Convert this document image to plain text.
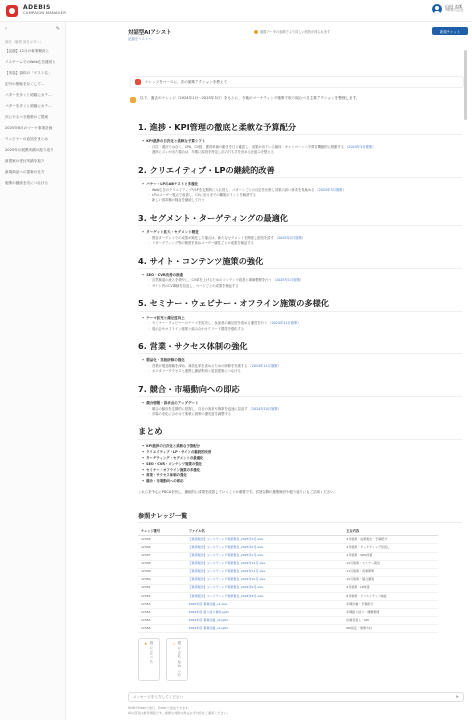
ADEBIS
CAMPAIGN MANAGER
山田 太郎
YBI株式会社
‹	✎
最近（履歴 最近ボタン）
【記録】12月の事業概況と
イスチームでのWeb広告運用と
【実装】資料の「ゲスト名」
記号の無駄をなくして…
パターを多くと明確にカテ…
パターを多くと明確にカテ…
次にやるべき施策のご提案
2025年6月のマーケ事業計画
ウェビナーの追加をまとめ
2025年の展開実績の振り返り
新提案の受付実績を振り
新規商品への提案の仕方
施策の継続を次につなげる
対話型AIアシスト
記録をリストへ
複数データの参照でより詳しい回答が得られます	新規チャット
ナレッジをベースに、次の施策アクションを教えて
以下、過去のナレッジ（2024年1月〜2025年3月）をもとに、今後のマーケティング施策で取り組むべき主要アクションを整理します。
1. 進捗・KPI管理の徹底と柔軟な予算配分
• KPI進捗の日次化と柔軟な予算シフト
◦ 月次・週次ではなく、CPA、CV数、獲得単価の動きを日々確認し、成果が出ている媒体・キャンペーンへ予算を機動的に移動する （2025年3月施策）
◦ 進捗にズレが出た場合は、早期に原因を特定し次の打ち手を決める仕組みを整える
2. クリエイティブ・LPの継続的改善
• バナー・LPのABテストと多様化
◦ Web広告のクリエイティブやLPを定期的に入れ替え、パターンごとの反応を比較し効果の高い訴求を見極める （2025年3月施策）
◦ LPはユーザー視点で改善し、CVに至るまでの離脱ポイントを解消する
◦ 新しい訴求軸の検証を継続して行う
3. セグメント・ターゲティングの最適化
• ターゲット拡大・セグメント精査
◦ 既存ターゲットでの成果が鈍化した場合は、新たなセグメントを開拓し配信を試す （2025年2月施策）
◦ リターゲティング等の精度を高めユーザー属性ごとの成果を検証する
4. サイト・コンテンツ施策の強化
• SEO・CVR改善の推進
◦ 自然検索の流入を増やし、CV率を上げるためのコンテンツ改善と導線整理を行う （2025年1月施策）
◦ サイト内のCV導線を見直し、ページごとの成果を検証する
5. セミナー・ウェビナー・オフライン施策の多様化
• テーマ拡充と満足度向上
◦ セミナー・ウェビナーのテーマを拡充し、参加者の満足度を高める運営を行う （2024年12月施策）
◦ 展示会やオフライン施策と組み合わせてリード獲得を強化する
6. 営業・サクセス体制の強化
• 製品化・実装研修の強化
◦ 営業が製品理解を深め、商談化率を高めるための研修を実施する （2024年11月施策）
◦ カスタマーサクセスと連携し継続利用と追加提案につなげる
7. 競合・市場動向への即応
• 競合情報・訴求点のアップデート
◦ 競合の動向を定期的に把握し、自社の訴求や施策を迅速に見直す （2024年10月施策）
◦ 市場の変化に合わせて柔軟に施策の優先度を調整する
まとめ
• KPI進捗の日次化と柔軟な予算配分
• クリエイティブ・LP・サイトの継続的改善
• ターゲティング・セグメントの最適化
• SEO・CVR・コンテンツ施策の強化
• セミナー・オフライン施策の多様化
• 営業・サクセス体制の強化
• 競合・市場動向への即応
これらを中心にPDCAを回し、継続的に成果を改善していくことが重要です。次回以降の施策検討や振り返りにもご活用ください。
参照ナレッジ一覧
ナレッジ番号	ファイル名	主な内容
12345	【施策報告】マーケティング施策報告_2025年3月.xlsx	3月施策・成果報告・予算配分
12346	【施策報告】マーケティング施策報告_2025年2月.xlsx	2月施策・ターゲティング見直し
12347	【施策報告】マーケティング施策報告_2025年1月.xlsx	1月施策・SEO改善
12348	【施策報告】マーケティング施策報告_2024年12月.xlsx	12月施策・セミナー報告
12349	【施策報告】マーケティング施策報告_2024年11月.xlsx	11月施策・営業研修
12350	【施策報告】マーケティング施策報告_2024年10月.xlsx	10月施策・競合調査
12351	【施策報告】マーケティング施策報告_2024年9月.xlsx	9月施策・LP改善
12352	【施策報告】マーケティング施策報告_2024年8月.xlsx	8月施策・クリエイティブ検証
12353	2025年度 事業計画_v1.xlsx	年間計画・予算配分
12354	2024年度 振り返り資料.pptx	年間振り返り・課題整理
12355	2024年度 事業計画_v2.pptx	計画見直し・KPI
12356	2024年度 事業計画_v1.pptx	KPI設定・施策方針
★ 役に立った
☆ 役に立たなかった
メッセージを入力してください
➤
Shift+Enterで改行、Enterで送信できます。
AIの回答は参考情報です。重要な判断の際は必ず内容をご確認ください。
